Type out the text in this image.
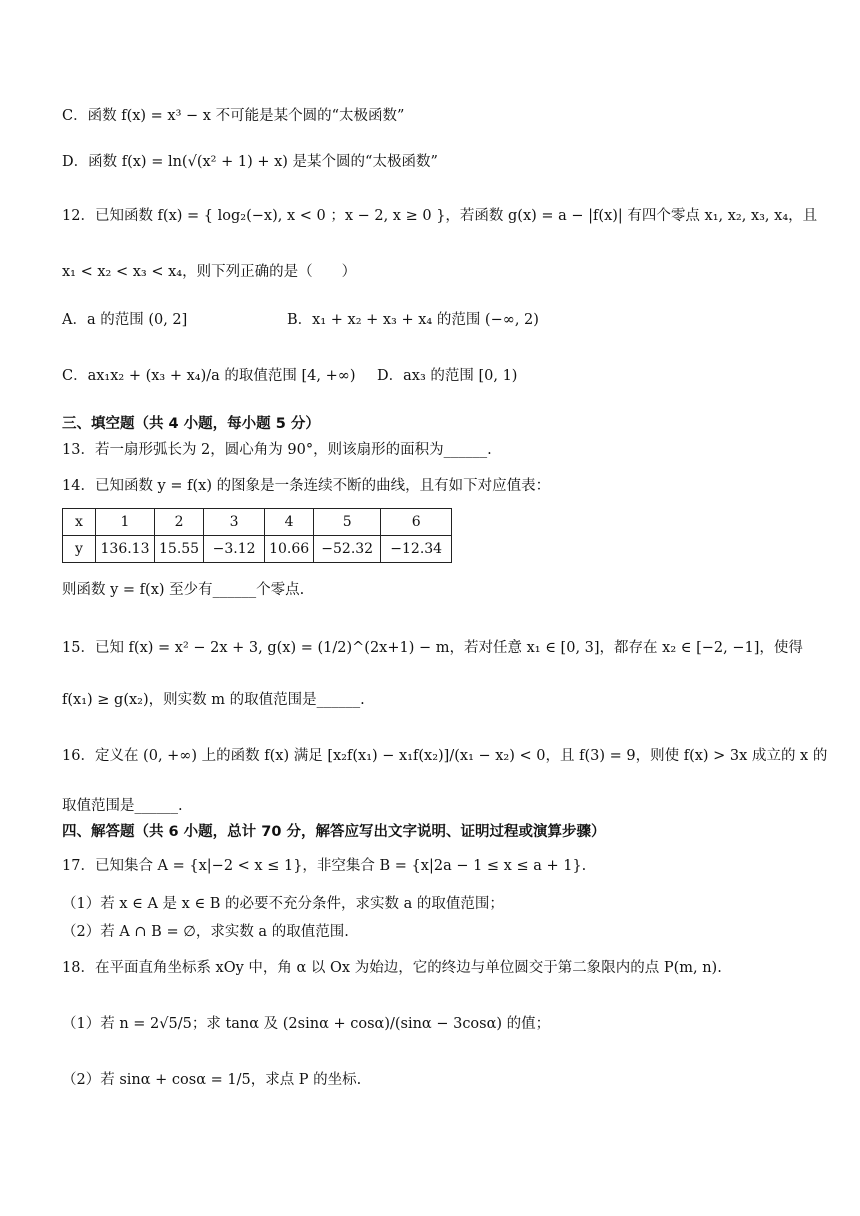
C．函数 f(x) = x³ − x 不可能是某个圆的“太极函数”
D．函数 f(x) = ln(√(x² + 1) + x) 是某个圆的“太极函数”
12．已知函数 f(x) = { log₂(−x), x < 0 ；x − 2, x ≥ 0 }，若函数 g(x) = a − |f(x)| 有四个零点 x₁, x₂, x₃, x₄，且
x₁ < x₂ < x₃ < x₄，则下列正确的是（　　）
A．a 的范围 (0, 2]	B．x₁ + x₂ + x₃ + x₄ 的范围 (−∞, 2)
C．ax₁x₂ + (x₃ + x₄)/a 的取值范围 [4, +∞) D．ax₃ 的范围 [0, 1)
三、填空题（共 4 小题，每小题 5 分）
13．若一扇形弧长为 2，圆心角为 90°，则该扇形的面积为______.
14．已知函数 y = f(x) 的图象是一条连续不断的曲线，且有如下对应值表：
x	1	2	3	4	5	6
y	136.13	15.55	−3.12	10.66	−52.32	−12.34
则函数 y = f(x) 至少有______个零点.
15．已知 f(x) = x² − 2x + 3, g(x) = (1/2)^(2x+1) − m，若对任意 x₁ ∈ [0, 3]，都存在 x₂ ∈ [−2, −1]，使得
f(x₁) ≥ g(x₂)，则实数 m 的取值范围是______.
16．定义在 (0, +∞) 上的函数 f(x) 满足 [x₂f(x₁) − x₁f(x₂)]/(x₁ − x₂) < 0，且 f(3) = 9，则使 f(x) > 3x 成立的 x 的
取值范围是______.
四、解答题（共 6 小题，总计 70 分，解答应写出文字说明、证明过程或演算步骤）
17．已知集合 A = {x|−2 < x ≤ 1}，非空集合 B = {x|2a − 1 ≤ x ≤ a + 1}.
（1）若 x ∈ A 是 x ∈ B 的必要不充分条件，求实数 a 的取值范围；
（2）若 A ∩ B = ∅，求实数 a 的取值范围.
18．在平面直角坐标系 xOy 中，角 α 以 Ox 为始边，它的终边与单位圆交于第二象限内的点 P(m, n).
（1）若 n = 2√5/5；求 tanα 及 (2sinα + cosα)/(sinα − 3cosα) 的值；
（2）若 sinα + cosα = 1/5，求点 P 的坐标.
